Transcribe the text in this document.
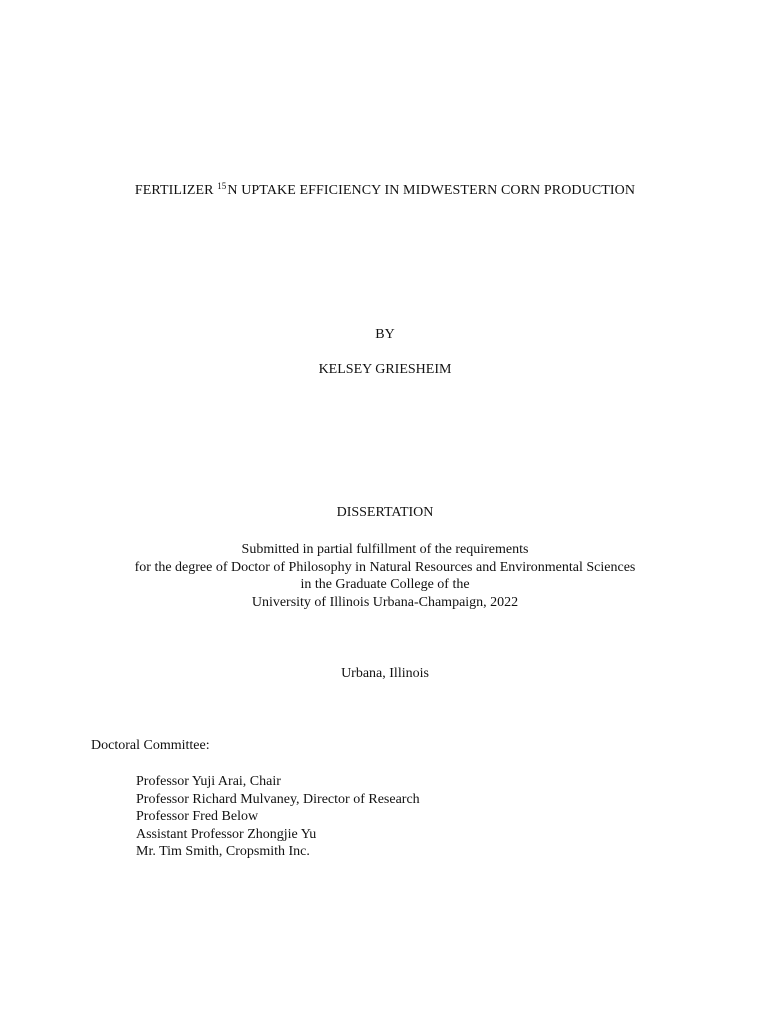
FERTILIZER $^{15}$N UPTAKE EFFICIENCY IN MIDWESTERN CORN PRODUCTION
BY
KELSEY GRIESHEIM
DISSERTATION
Submitted in partial fulfillment of the requirements
for the degree of Doctor of Philosophy in Natural Resources and Environmental Sciences
in the Graduate College of the
University of Illinois Urbana-Champaign, 2022
Urbana, Illinois
Doctoral Committee:
Professor Yuji Arai, Chair
Professor Richard Mulvaney, Director of Research
Professor Fred Below
Assistant Professor Zhongjie Yu
Mr. Tim Smith, Cropsmith Inc.
